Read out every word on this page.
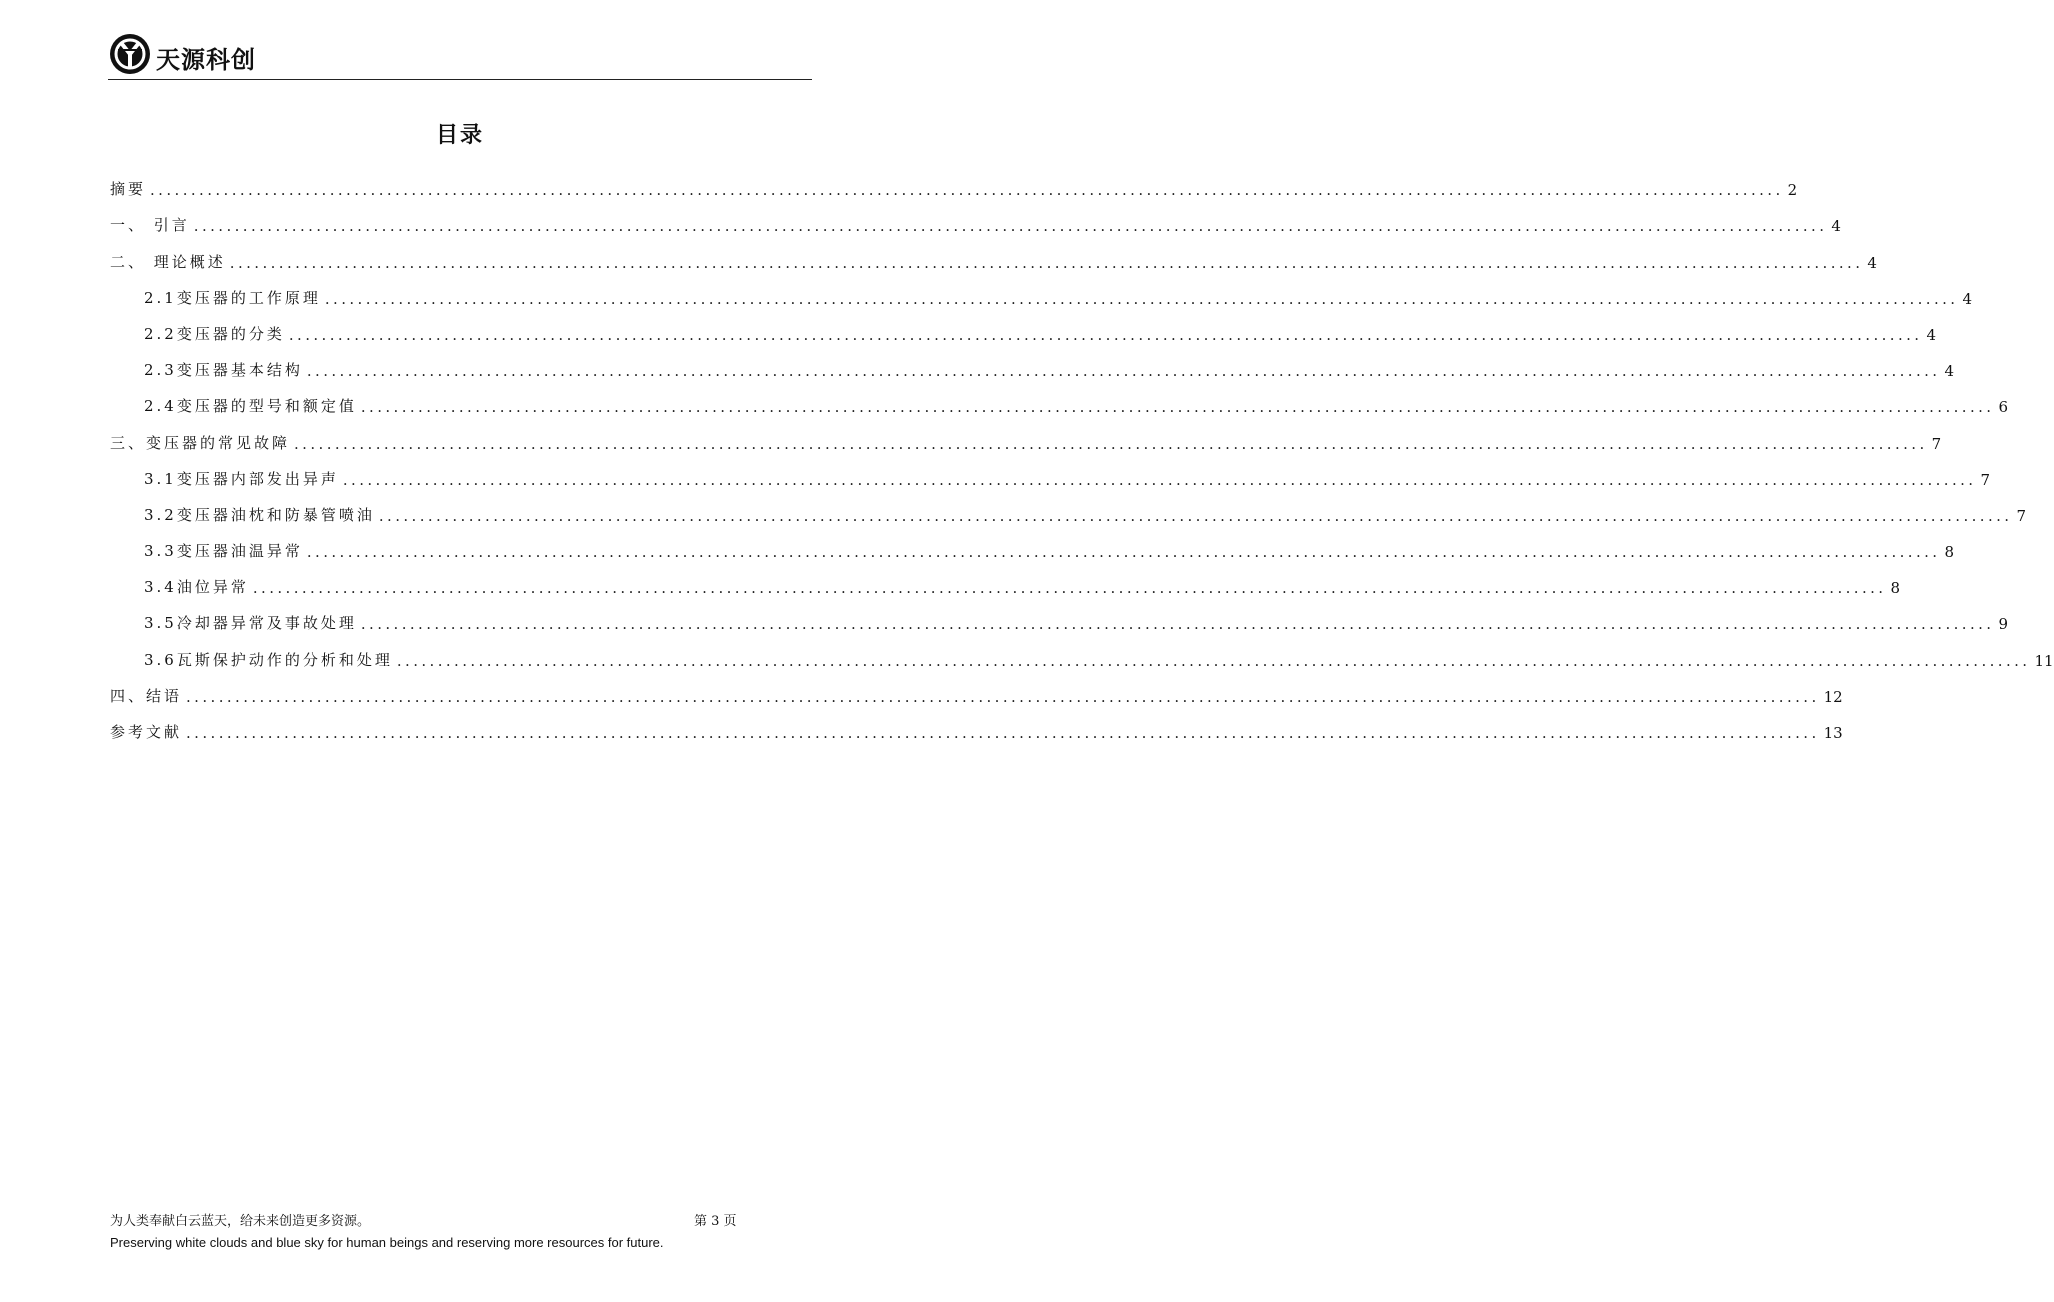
天源科创
目录
摘要 ........................................................................................................................................................................................................ 2
一、 引言 ........................................................................................................................................................................................................ 4
二、 理论概述 ........................................................................................................................................................................................................ 4
2.1变压器的工作原理 ........................................................................................................................................................................................................ 4
2.2变压器的分类 ........................................................................................................................................................................................................ 4
2.3变压器基本结构 ........................................................................................................................................................................................................ 4
2.4变压器的型号和额定值 ........................................................................................................................................................................................................ 6
三、变压器的常见故障 ........................................................................................................................................................................................................ 7
3.1变压器内部发出异声 ........................................................................................................................................................................................................ 7
3.2变压器油枕和防暴管喷油 ........................................................................................................................................................................................................ 7
3.3变压器油温异常 ........................................................................................................................................................................................................ 8
3.4油位异常 ........................................................................................................................................................................................................ 8
3.5冷却器异常及事故处理 ........................................................................................................................................................................................................ 9
3.6瓦斯保护动作的分析和处理 ........................................................................................................................................................................................................ 11
四、结语 ........................................................................................................................................................................................................ 12
参考文献 ........................................................................................................................................................................................................ 13
为人类奉献白云蓝天，给未来创造更多资源。	第 3 页
Preserving white clouds and blue sky for human beings and reserving more resources for future.
